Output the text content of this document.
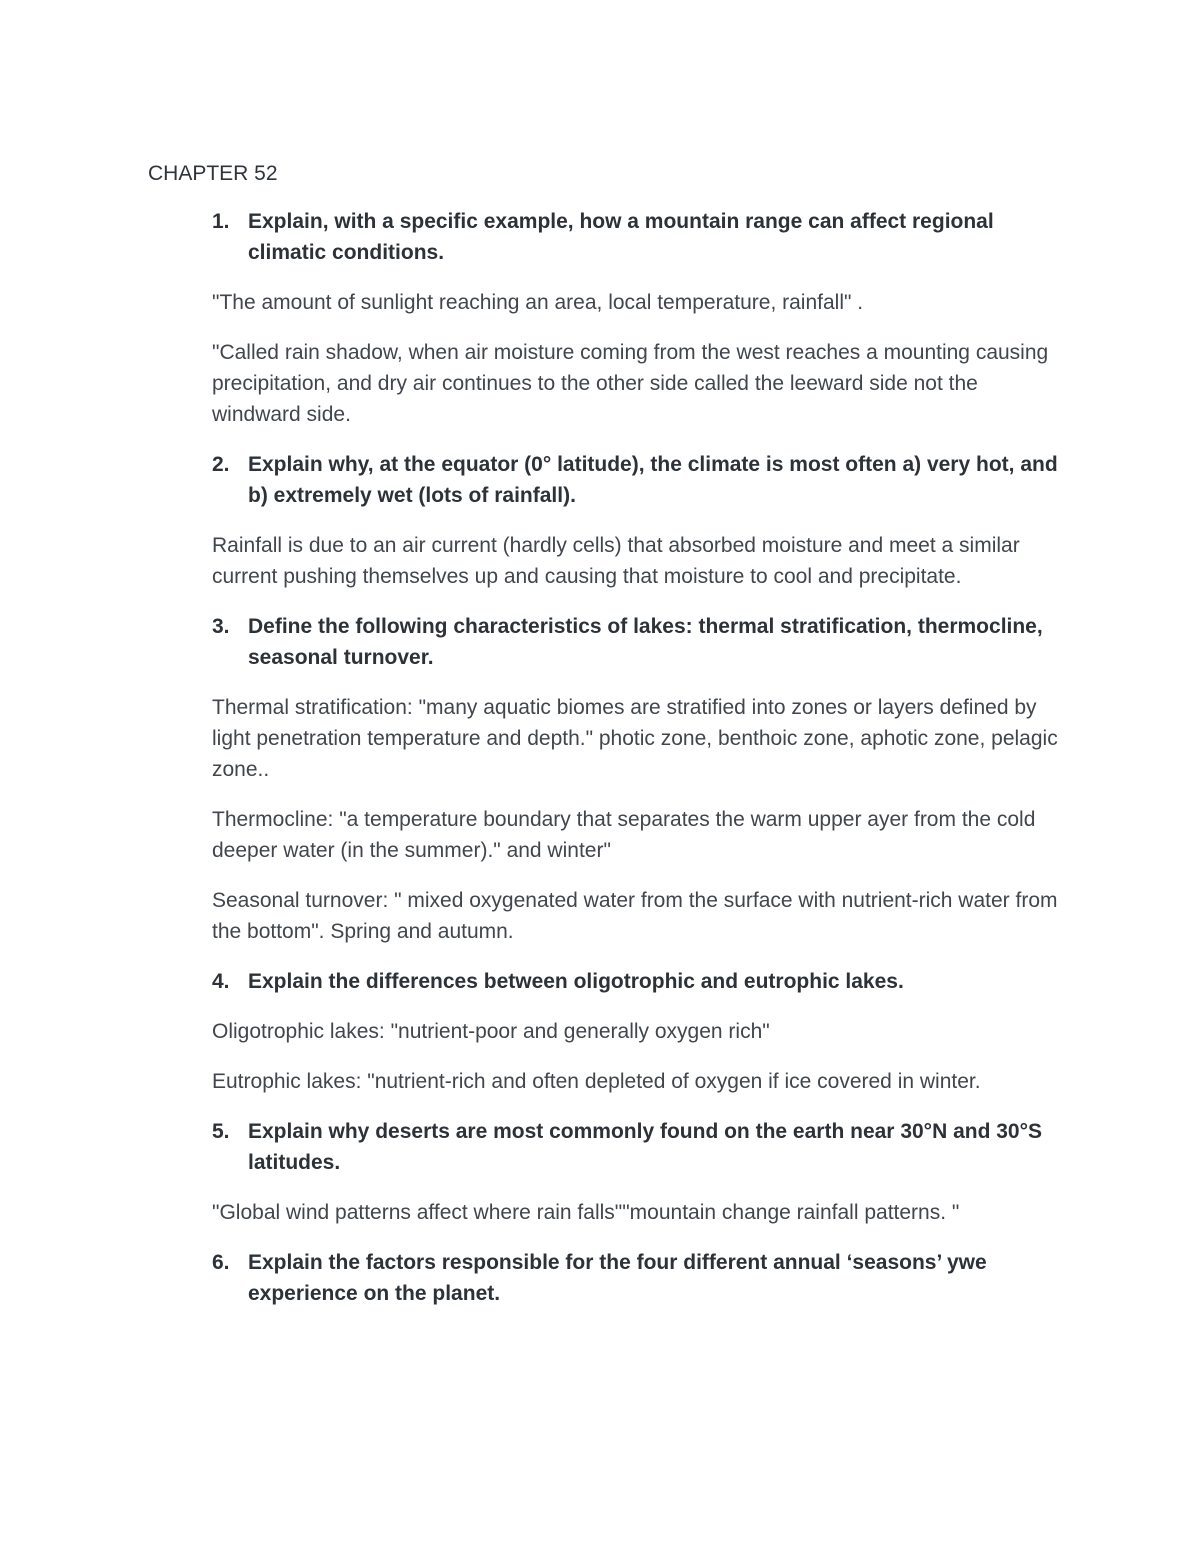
CHAPTER 52

1. Explain, with a specific example, how a mountain range can affect regional climatic conditions.

"The amount of sunlight reaching an area, local temperature, rainfall" .

"Called rain shadow, when air moisture coming from the west reaches a mounting causing precipitation, and dry air continues to the other side called the leeward side not the windward side.

2. Explain why, at the equator (0° latitude), the climate is most often a) very hot, and b) extremely wet (lots of rainfall).

Rainfall is due to an air current (hardly cells) that absorbed moisture and meet a similar current pushing themselves up and causing that moisture to cool and precipitate.

3. Define the following characteristics of lakes: thermal stratification, thermocline, seasonal turnover.

Thermal stratification: "many aquatic biomes are stratified into zones or layers defined by light penetration temperature and depth." photic zone, benthoic zone, aphotic zone, pelagic zone..

Thermocline: "a temperature boundary that separates the warm upper ayer from the cold deeper water (in the summer)." and winter"

Seasonal turnover: " mixed oxygenated water from the surface with nutrient-rich water from the bottom". Spring and autumn.

4. Explain the differences between oligotrophic and eutrophic lakes.

Oligotrophic lakes: "nutrient-poor and generally oxygen rich"

Eutrophic lakes: "nutrient-rich and often depleted of oxygen if ice covered in winter.

5. Explain why deserts are most commonly found on the earth near 30°N and 30°S latitudes.

"Global wind patterns affect where rain falls""mountain change rainfall patterns. "

6. Explain the factors responsible for the four different annual ‘seasons’ ywe experience on the planet.
